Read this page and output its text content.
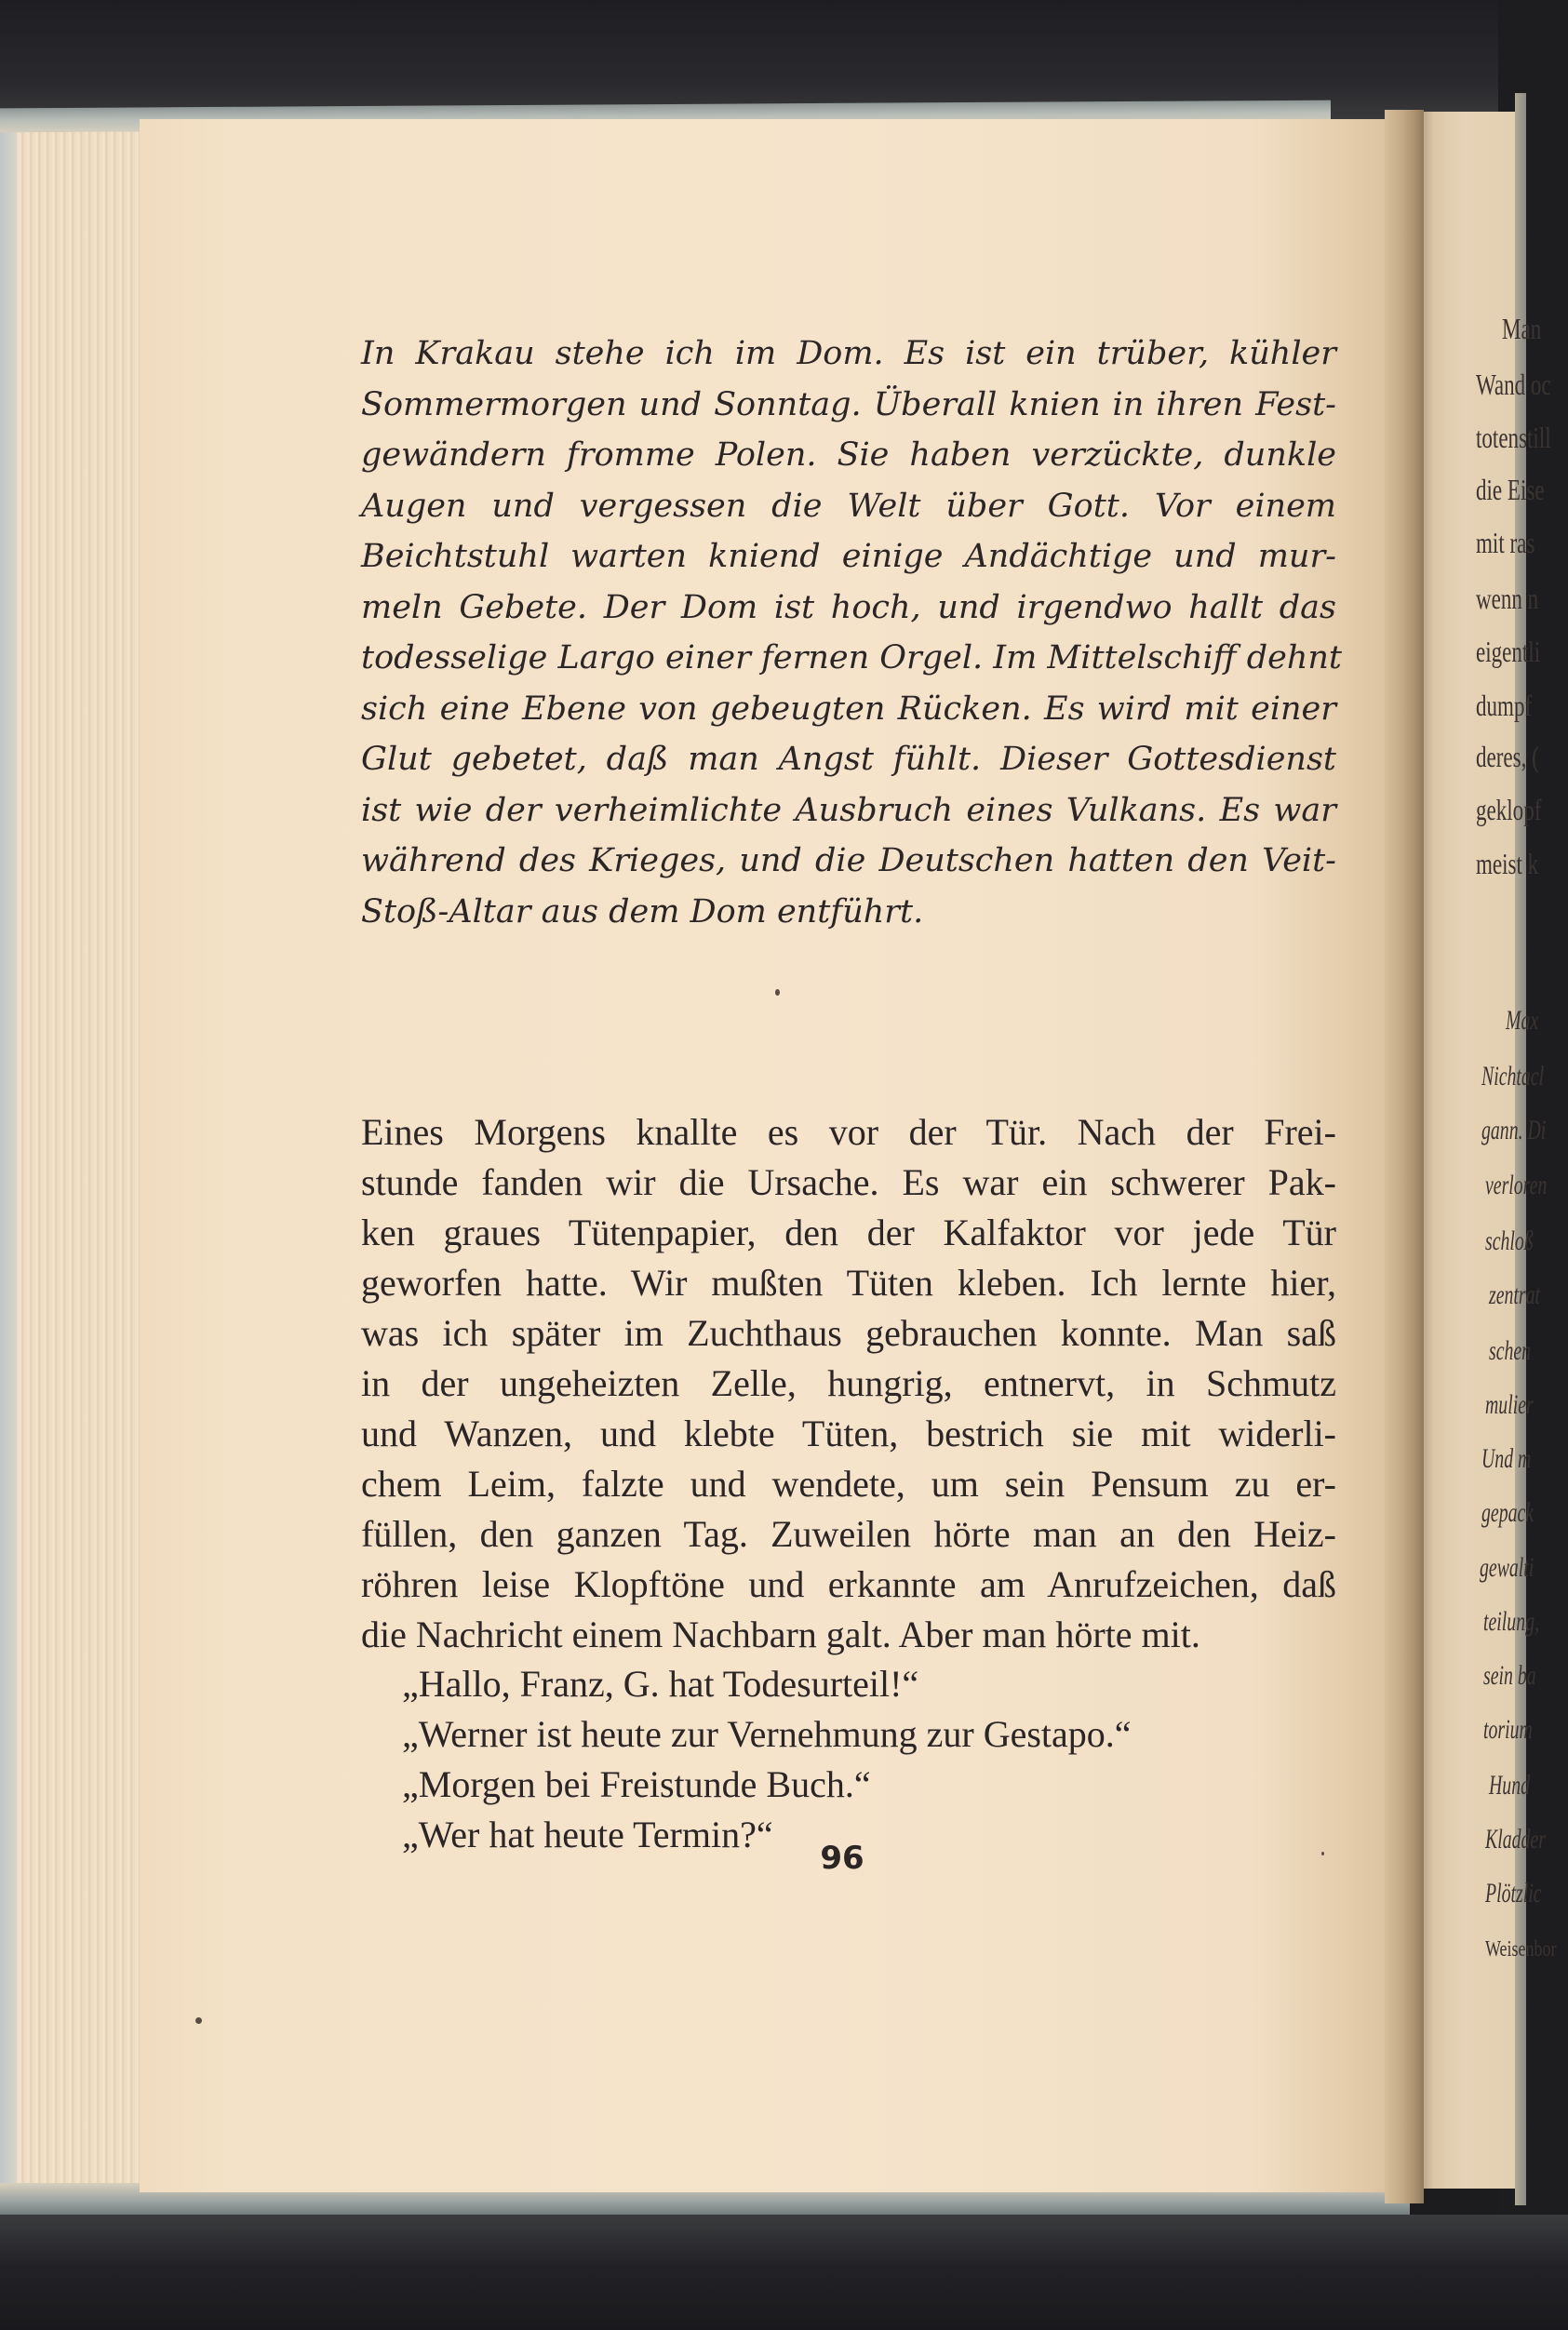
In Krakau stehe ich im Dom. Es ist ein trüber, kühler
Sommermorgen und Sonntag. Überall knien in ihren Fest-
gewändern fromme Polen. Sie haben verzückte, dunkle
Augen und vergessen die Welt über Gott. Vor einem
Beichtstuhl warten kniend einige Andächtige und mur-
meln Gebete. Der Dom ist hoch, und irgendwo hallt das
todesselige Largo einer fernen Orgel. Im Mittelschiff dehnt
sich eine Ebene von gebeugten Rücken. Es wird mit einer
Glut gebetet, daß man Angst fühlt. Dieser Gottesdienst
ist wie der verheimlichte Ausbruch eines Vulkans. Es war
während des Krieges, und die Deutschen hatten den Veit-
Stoß-Altar aus dem Dom entführt.
Eines Morgens knallte es vor der Tür. Nach der Frei-
stunde fanden wir die Ursache. Es war ein schwerer Pak-
ken graues Tütenpapier, den der Kalfaktor vor jede Tür
geworfen hatte. Wir mußten Tüten kleben. Ich lernte hier,
was ich später im Zuchthaus gebrauchen konnte. Man saß
in der ungeheizten Zelle, hungrig, entnervt, in Schmutz
und Wanzen, und klebte Tüten, bestrich sie mit widerli-
chem Leim, falzte und wendete, um sein Pensum zu er-
füllen, den ganzen Tag. Zuweilen hörte man an den Heiz-
röhren leise Klopftöne und erkannte am Anrufzeichen, daß
die Nachricht einem Nachbarn galt. Aber man hörte mit.
„Hallo, Franz, G. hat Todesurteil!“
„Werner ist heute zur Vernehmung zur Gestapo.“
„Morgen bei Freistunde Buch.“
„Wer hat heute Termin?“
96
Man
Wand oc
totenstill
die Eise
mit ras
wenn n
eigentli
dumpf
deres, (
geklopf
meist k
Max
Nichtacl
gann. Di
verloren
schloß
zentrat
schen
mulier
Und m
gepack
gewalti
teilung,
sein ba
torium
Hund
Kladder
Plötzlic
Weisenbor
